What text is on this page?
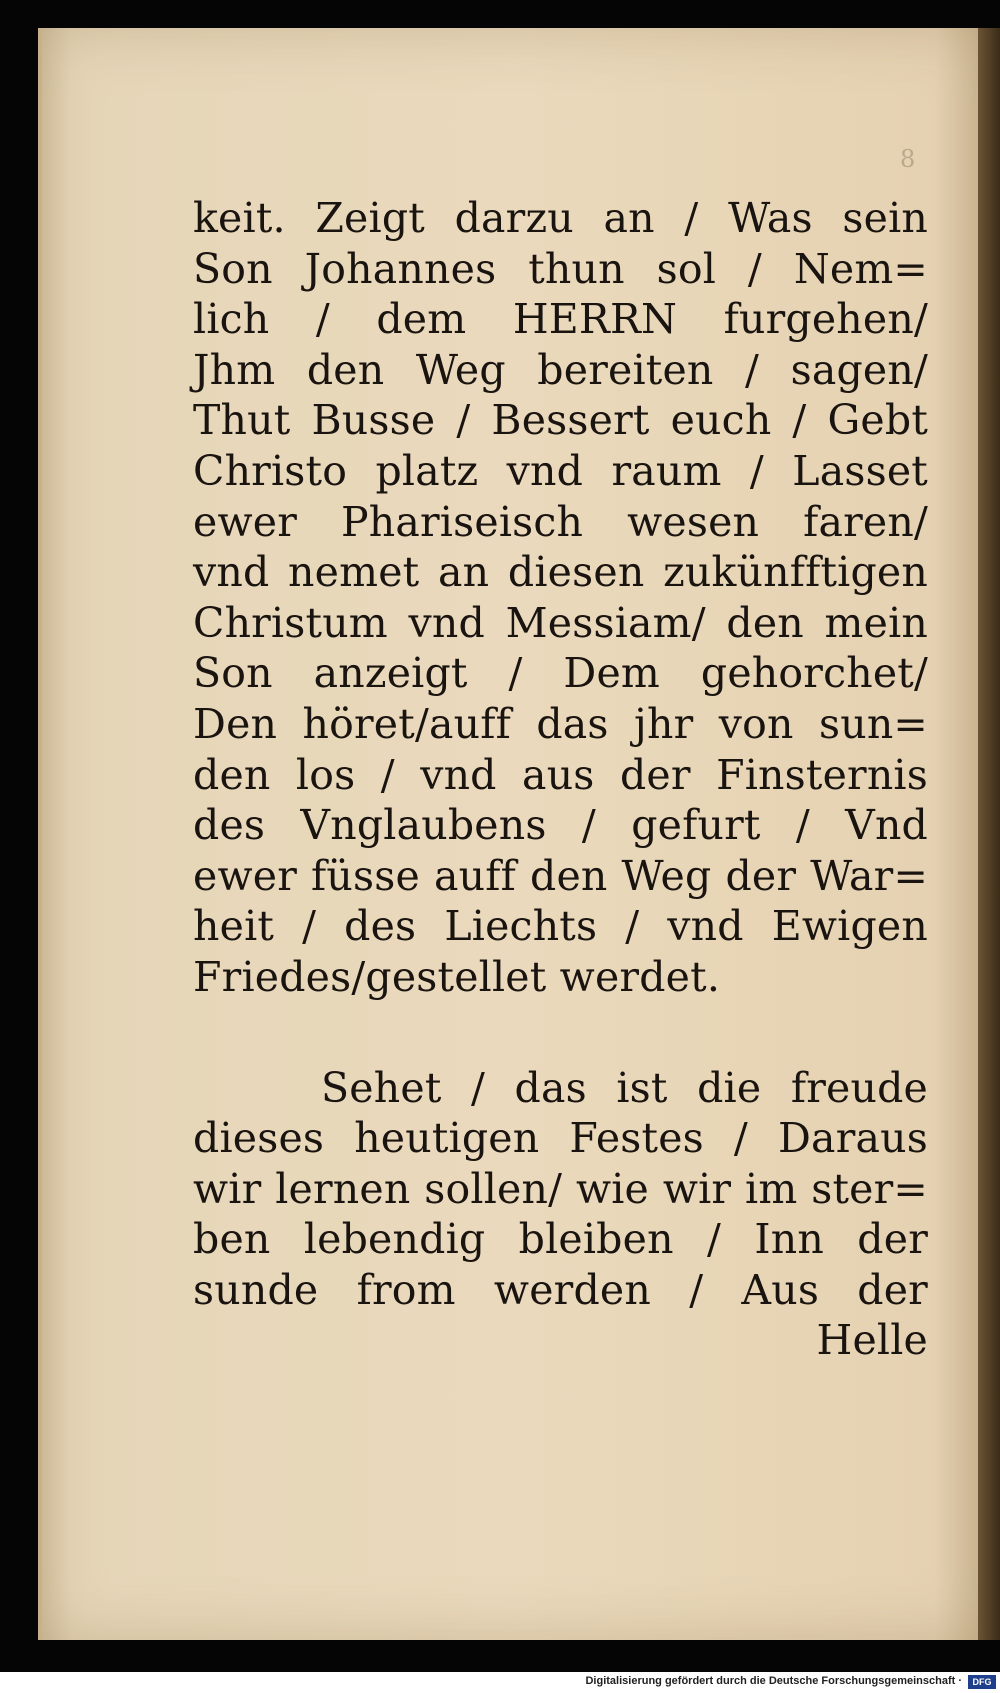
8
keit. Zeigt darzu an / Was sein
Son Johannes thun sol / Nem=
lich / dem HERRN furgehen/
Jhm den Weg bereiten / sagen/
Thut Busse / Bessert euch / Gebt
Christo platz vnd raum / Lasset
ewer Phariseisch wesen faren/
vnd nemet an diesen zukünfftigen
Christum vnd Messiam/ den mein
Son anzeigt / Dem gehorchet/
Den höret/auff das jhr von sun=
den los / vnd aus der Finsternis
des Vnglaubens / gefurt / Vnd
ewer füsse auff den Weg der War=
heit / des Liechts / vnd Ewigen
Friedes/gestellet werdet.
Sehet / das ist die freude
dieses heutigen Festes / Daraus
wir lernen sollen/ wie wir im ster=
ben lebendig bleiben / Inn der
sunde from werden / Aus der
Helle
Digitalisierung gefördert durch die Deutsche Forschungsgemeinschaft ·	DFG
